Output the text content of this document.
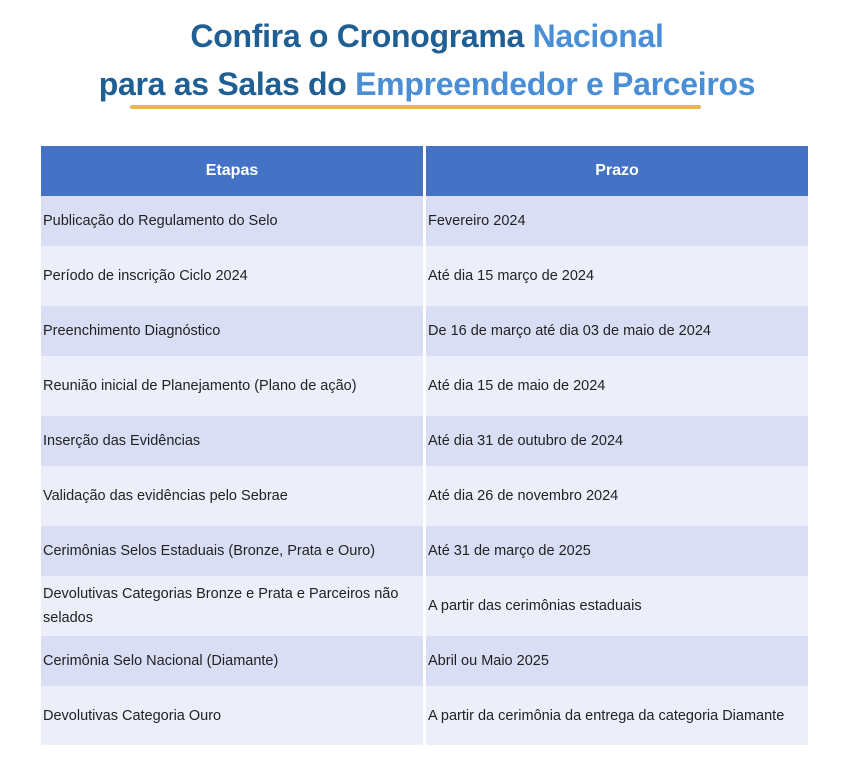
Confira o Cronograma Nacional
para as Salas do Empreendedor e Parceiros
Etapas	Prazo
Publicação do Regulamento do Selo	Fevereiro 2024
Período de inscrição Ciclo 2024	Até dia 15 março de 2024
Preenchimento Diagnóstico	De 16 de março até dia 03 de maio de 2024
Reunião inicial de Planejamento (Plano de ação)	Até dia 15 de maio de 2024
Inserção das Evidências	Até dia 31 de outubro de 2024
Validação das evidências pelo Sebrae	Até dia 26 de novembro 2024
Cerimônias Selos Estaduais (Bronze, Prata e Ouro)	Até 31 de março de 2025
Devolutivas Categorias Bronze e Prata e Parceiros não selados	A partir das cerimônias estaduais
Cerimônia Selo Nacional (Diamante)	Abril ou Maio 2025
Devolutivas Categoria Ouro	A partir da cerimônia da entrega da categoria Diamante
